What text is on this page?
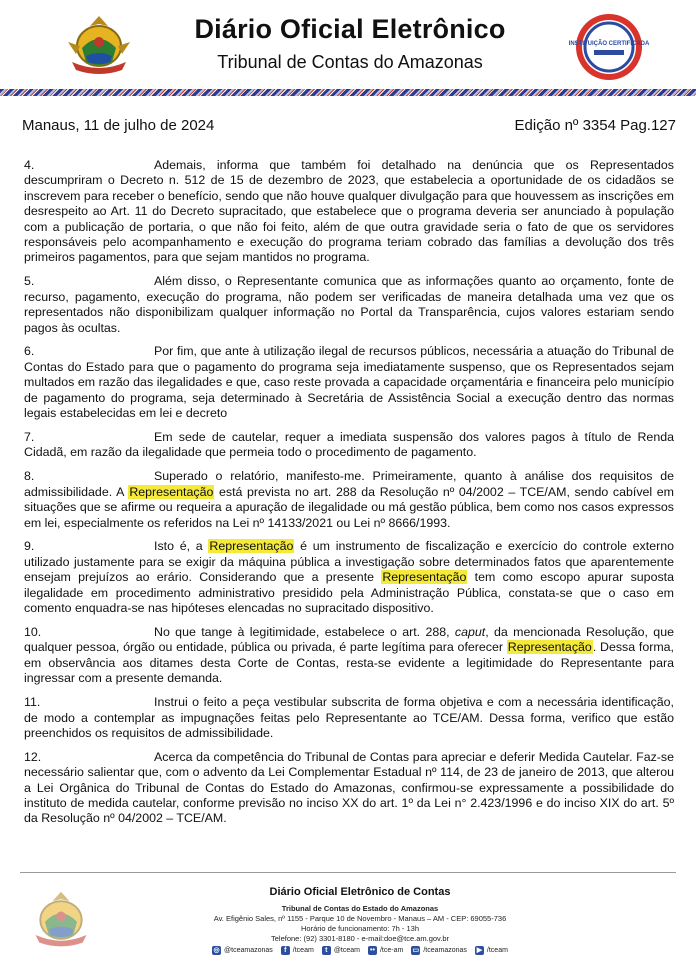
Diário Oficial Eletrônico
Tribunal de Contas do Amazonas
INSTITUIÇÃO CERTIFICADA
Manaus, 11 de julho de 2024	Edição nº 3354 Pag.127

4.	Ademais, informa que também foi detalhado na denúncia que os Representados descumpriram o Decreto n. 512 de 15 de dezembro de 2023, que estabelecia a oportunidade de os cidadãos se inscrevem para receber o benefício, sendo que não houve qualquer divulgação para que houvessem as inscrições em desrespeito ao Art. 11 do Decreto supracitado, que estabelece que o programa deveria ser anunciado à população com a publicação de portaria, o que não foi feito, além de que outra gravidade seria o fato de que os servidores responsáveis pelo acompanhamento e execução do programa teriam cobrado das famílias a devolução dos três primeiros pagamentos, para que sejam mantidos no programa.

5.	Além disso, o Representante comunica que as informações quanto ao orçamento, fonte de recurso, pagamento, execução do programa, não podem ser verificadas de maneira detalhada uma vez que os representados não disponibilizam qualquer informação no Portal da Transparência, cujos valores estariam sendo pagos às ocultas.

6.	Por fim, que ante à utilização ilegal de recursos públicos, necessária a atuação do Tribunal de Contas do Estado para que o pagamento do programa seja imediatamente suspenso, que os Representados sejam multados em razão das ilegalidades e que, caso reste provada a capacidade orçamentária e financeira pelo município de pagamento do programa, seja determinado à Secretária de Assistência Social a execução dentro das normas legais estabelecidas em lei e decreto

7.	Em sede de cautelar, requer a imediata suspensão dos valores pagos à título de Renda Cidadã, em razão da ilegalidade que permeia todo o procedimento de pagamento.

8.	Superado o relatório, manifesto-me. Primeiramente, quanto à análise dos requisitos de admissibilidade. A Representação está prevista no art. 288 da Resolução nº 04/2002 – TCE/AM, sendo cabível em situações que se afirme ou requeira a apuração de ilegalidade ou má gestão pública, bem como nos casos expressos em lei, especialmente os referidos na Lei nº 14133/2021 ou Lei nº 8666/1993.

9.	Isto é, a Representação é um instrumento de fiscalização e exercício do controle externo utilizado justamente para se exigir da máquina pública a investigação sobre determinados fatos que aparentemente ensejam prejuízos ao erário. Considerando que a presente Representação tem como escopo apurar suposta ilegalidade em procedimento administrativo presidido pela Administração Pública, constata-se que o caso em comento enquadra-se nas hipóteses elencadas no supracitado dispositivo.

10.	No que tange à legitimidade, estabelece o art. 288, caput, da mencionada Resolução, que qualquer pessoa, órgão ou entidade, pública ou privada, é parte legítima para oferecer Representação. Dessa forma, em observância aos ditames desta Corte de Contas, resta-se evidente a legitimidade do Representante para ingressar com a presente demanda.

11.	Instrui o feito a peça vestibular subscrita de forma objetiva e com a necessária identificação, de modo a contemplar as impugnações feitas pelo Representante ao TCE/AM. Dessa forma, verifico que estão preenchidos os requisitos de admissibilidade.

12.	Acerca da competência do Tribunal de Contas para apreciar e deferir Medida Cautelar. Faz-se necessário salientar que, com o advento da Lei Complementar Estadual nº 114, de 23 de janeiro de 2013, que alterou a Lei Orgânica do Tribunal de Contas do Estado do Amazonas, confirmou-se expressamente a possibilidade do instituto de medida cautelar, conforme previsão no inciso XX do art. 1º da Lei n° 2.423/1996 e do inciso XIX do art. 5º da Resolução nº 04/2002 – TCE/AM.

Diário Oficial Eletrônico de Contas
Tribunal de Contas do Estado do Amazonas
Av. Efigênio Sales, nº 1155 - Parque 10 de Novembro - Manaus – AM - CEP: 69055-736
Horário de funcionamento: 7h - 13h
Telefone: (92) 3301-8180 - e-mail:doe@tce.am.gov.br
◎ @tceamazonas	f /tceam	t @tceam •• /tce-am ▭ /tceamazonas ▶ /tceam
